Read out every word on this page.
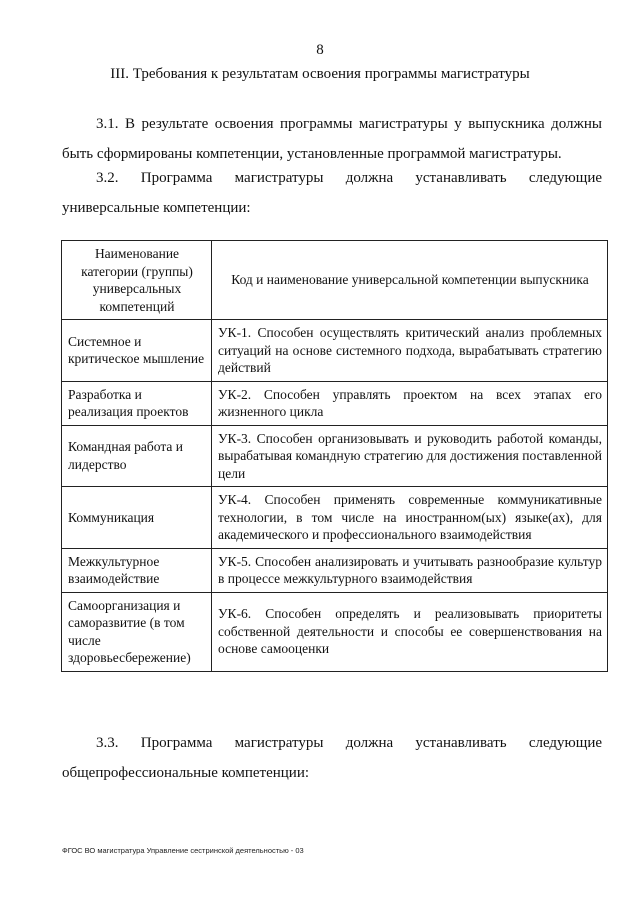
8
III. Требования к результатам освоения программы магистратуры
3.1. В результате освоения программы магистратуры у выпускника должны быть сформированы компетенции, установленные программой магистратуры.
3.2. Программа магистратуры должна устанавливать следующие универсальные компетенции:
Наименование категории (группы) универсальных компетенций	Код и наименование универсальной компетенции выпускника
Системное и критическое мышление	УК-1. Способен осуществлять критический анализ проблемных ситуаций на основе системного подхода, вырабатывать стратегию действий
Разработка и реализация проектов	УК-2. Способен управлять проектом на всех этапах его жизненного цикла
Командная работа и лидерство	УК-3. Способен организовывать и руководить работой команды, вырабатывая командную стратегию для достижения поставленной цели
Коммуникация	УК-4. Способен применять современные коммуникативные технологии, в том числе на иностранном(ых) языке(ах), для академического и профессионального взаимодействия
Межкультурное взаимодействие	УК-5. Способен анализировать и учитывать разнообразие культур в процессе межкультурного взаимодействия
Самоорганизация и саморазвитие (в том числе здоровьесбережение)	УК-6. Способен определять и реализовывать приоритеты собственной деятельности и способы ее совершенствования на основе самооценки
3.3. Программа магистратуры должна устанавливать следующие общепрофессиональные компетенции:
ФГОС ВО магистратура Управление сестринской деятельностью - 03
